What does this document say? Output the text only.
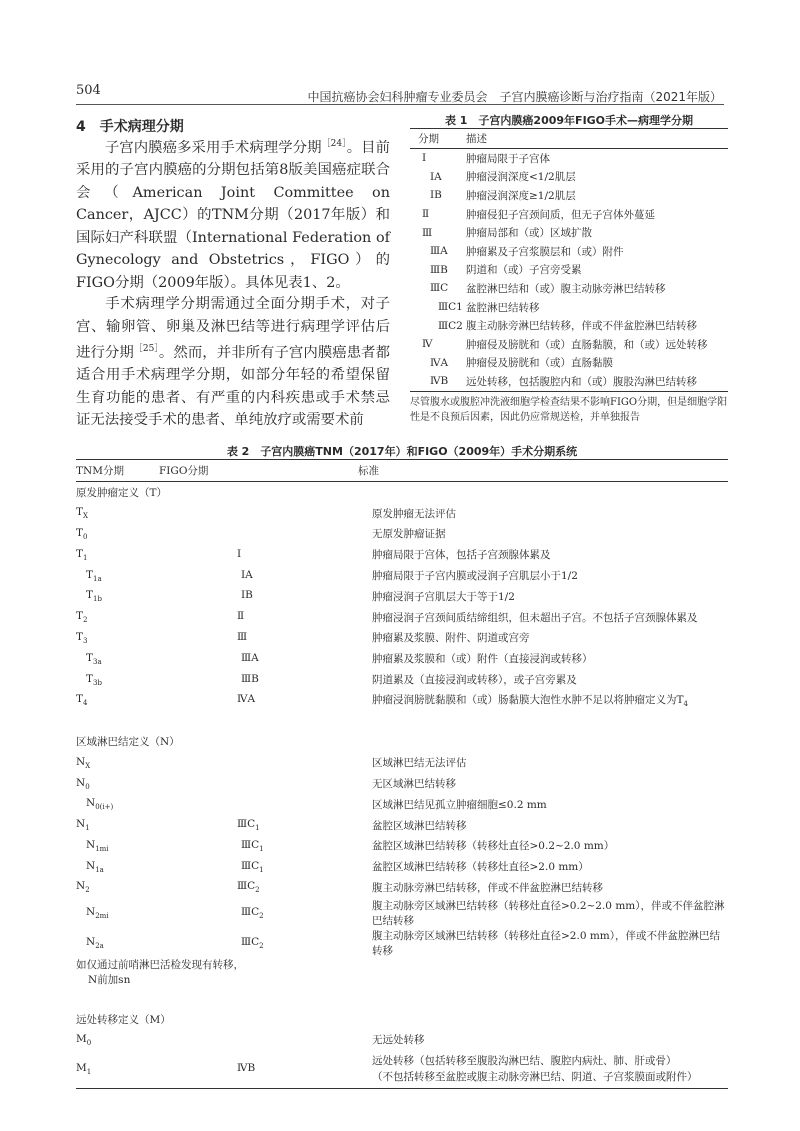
504	中国抗癌协会妇科肿瘤专业委员会　子宫内膜癌诊断与治疗指南（2021年版）
4　手术病理分期
  子宫内膜癌多采用手术病理学分期$^{[24]}$。目前采用的子宫内膜癌的分期包括第8版美国癌症联合会（American Joint Committee on Cancer，AJCC）的TNM分期（2017年版）和国际妇产科联盟（International Federation of Gynecology and Obstetrics，FIGO）的FIGO分期（2009年版）。具体见表1、2。
  手术病理学分期需通过全面分期手术，对子宫、输卵管、卵巢及淋巴结等进行病理学评估后进行分期$^{[25]}$。然而，并非所有子宫内膜癌患者都适合用手术病理学分期，如部分年轻的希望保留生育功能的患者、有严重的内科疾患或手术禁忌证无法接受手术的患者、单纯放疗或需要术前
表 1　子宫内膜癌2009年FIGO手术—病理学分期
分期	描述
Ⅰ	肿瘤局限于子宫体
ⅠA	肿瘤浸润深度<1/2肌层
ⅠB	肿瘤浸润深度≥1/2肌层
Ⅱ	肿瘤侵犯子宫颈间质，但无子宫体外蔓延
Ⅲ	肿瘤局部和（或）区域扩散
ⅢA	肿瘤累及子宫浆膜层和（或）附件
ⅢB	阴道和（或）子宫旁受累
ⅢC	盆腔淋巴结和（或）腹主动脉旁淋巴结转移
ⅢC1	盆腔淋巴结转移
ⅢC2	腹主动脉旁淋巴结转移，伴或不伴盆腔淋巴结转移
Ⅳ	肿瘤侵及膀胱和（或）直肠黏膜，和（或）远处转移
ⅣA	肿瘤侵及膀胱和（或）直肠黏膜
ⅣB	远处转移，包括腹腔内和（或）腹股沟淋巴结转移
尽管腹水或腹腔冲洗液细胞学检查结果不影响FIGO分期，但是细胞学阳性是不良预后因素，因此仍应常规送检，并单独报告
表 2　子宫内膜癌TNM（2017年）和FIGO（2009年）手术分期系统
TNM分期	FIGO分期	标准
原发肿瘤定义（T）		
$T_X$		原发肿瘤无法评估
$T_0$		无原发肿瘤证据
$T_1$	Ⅰ	肿瘤局限于宫体，包括子宫颈腺体累及
$T_{1a}$	ⅠA	肿瘤局限于子宫内膜或浸润子宫肌层小于1/2
$T_{1b}$	ⅠB	肿瘤浸润子宫肌层大于等于1/2
$T_2$	Ⅱ	肿瘤浸润子宫颈间质结缔组织，但未超出子宫。不包括子宫颈腺体累及
$T_3$	Ⅲ	肿瘤累及浆膜、附件、阴道或宫旁
$T_{3a}$	ⅢA	肿瘤累及浆膜和（或）附件（直接浸润或转移）
$T_{3b}$	ⅢB	阴道累及（直接浸润或转移），或子宫旁累及
$T_4$	ⅣA	肿瘤浸润膀胱黏膜和（或）肠黏膜大泡性水肿不足以将肿瘤定义为$T_4$

区域淋巴结定义（N）		
$N_X$		区域淋巴结无法评估
$N_0$		无区域淋巴结转移
$N_{0(i+)}$		区域淋巴结见孤立肿瘤细胞≤0.2 mm
$N_1$	$ⅢC_1$	盆腔区域淋巴结转移
$N_{1mi}$	$ⅢC_1$	盆腔区域淋巴结转移（转移灶直径>0.2~2.0 mm）
$N_{1a}$	$ⅢC_1$	盆腔区域淋巴结转移（转移灶直径>2.0 mm）
$N_2$	$ⅢC_2$	腹主动脉旁淋巴结转移，伴或不伴盆腔淋巴结转移
$N_{2mi}$	$ⅢC_2$	腹主动脉旁区域淋巴结转移（转移灶直径>0.2~2.0 mm），伴或不伴盆腔淋巴结转移
$N_{2a}$	$ⅢC_2$	腹主动脉旁区域淋巴结转移（转移灶直径>2.0 mm），伴或不伴盆腔淋巴结转移
如仅通过前哨淋巴活检发现有转移，
N前加sn		

远处转移定义（M）		
$M_0$		无远处转移
$M_1$	ⅣB	远处转移（包括转移至腹股沟淋巴结、腹腔内病灶、肺、肝或骨）
（不包括转移至盆腔或腹主动脉旁淋巴结、阴道、子宫浆膜面或附件）
